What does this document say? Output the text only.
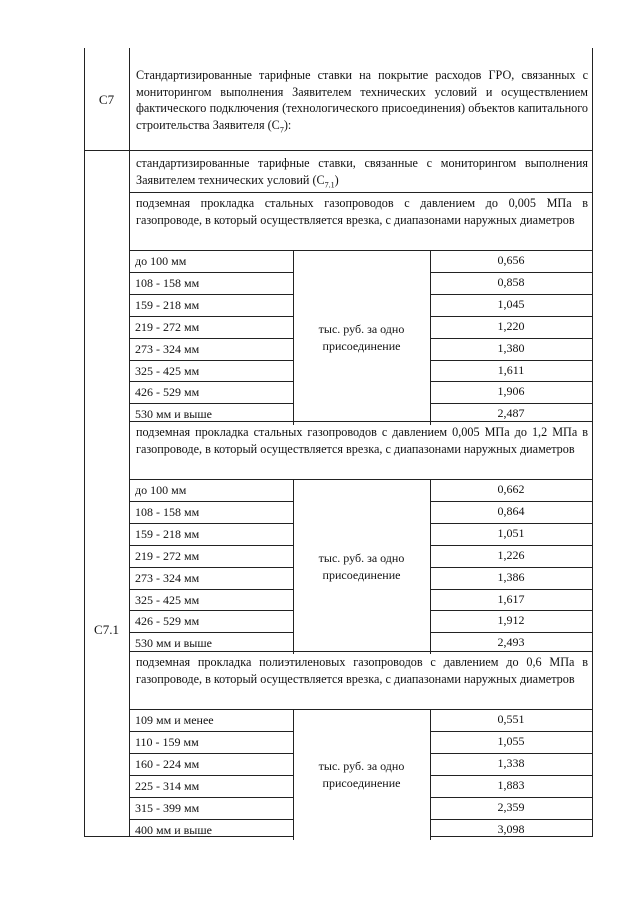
С7
Стандартизированные тарифные ставки на покрытие расходов ГРО, связанных с мониторингом выполнения Заявителем технических условий и осуществлением фактического подключения (технологического присоединения) объектов капитального строительства Заявителя $(С_7)$:
С7.1
стандартизированные тарифные ставки, связанные с мониторингом выполнения Заявителем технических условий $(С_{7.1})$
подземная прокладка стальных газопроводов с давлением до 0,005 МПа в газопроводе, в который осуществляется врезка, с диапазонами наружных диаметров
до 100 мм	0,656
108 - 158 мм	0,858
159 - 218 мм	1,045
219 - 272 мм	1,220
273 - 324 мм	1,380
325 - 425 мм	1,611
426 - 529 мм	1,906
530 мм и выше	2,487
тыс. руб. за одно присоединение
подземная прокладка стальных газопроводов с давлением 0,005 МПа до 1,2 МПа в газопроводе, в который осуществляется врезка, с диапазонами наружных диаметров
до 100 мм	0,662
108 - 158 мм	0,864
159 - 218 мм	1,051
219 - 272 мм	1,226
273 - 324 мм	1,386
325 - 425 мм	1,617
426 - 529 мм	1,912
530 мм и выше	2,493
тыс. руб. за одно присоединение
подземная прокладка полиэтиленовых газопроводов с давлением до 0,6 МПа в газопроводе, в который осуществляется врезка, с диапазонами наружных диаметров
109 мм и менее	0,551
110 - 159 мм	1,055
160 - 224 мм	1,338
225 - 314 мм	1,883
315 - 399 мм	2,359
400 мм и выше	3,098
тыс. руб. за одно присоединение
